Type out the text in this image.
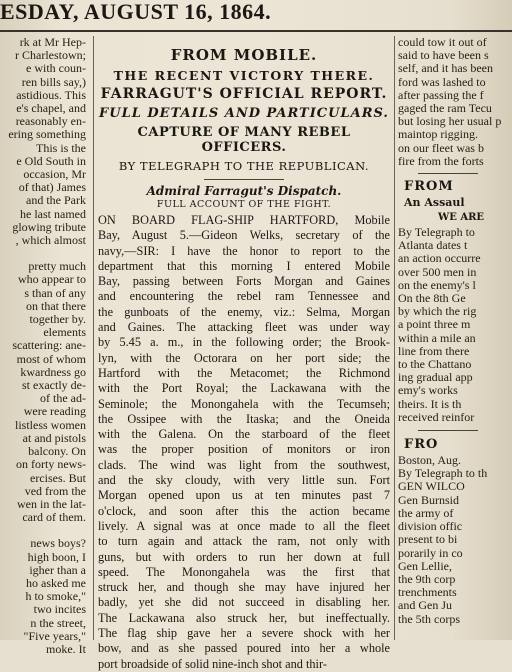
ESDAY, AUGUST 16, 1864.

rk at Mr Hep-

r Charlestown;

e with coun-

ren bills say,)

astidious. This

e's chapel, and

reasonably en-

ering something

This is the

e Old South in

occasion, Mr

of that) James

and the Park

he last named

glowing tribute

, which almost

pretty much

who appear to

s than of any

on that there

together by.

elements

scattering: ane-

most of whom

kwardness go

st exactly de-

of the ad-

were reading

listless women

at and pistols

balcony. On

on forty news-

ercises. But

ved from the

wen in the lat-

card of them.

news boys?

high boon, I

igher than a

ho asked me

h to smoke,"

two incites

n the street,

"Five years,"

moke. It

FROM MOBILE.
THE RECENT VICTORY THERE.
FARRAGUT'S OFFICIAL REPORT.
FULL DETAILS AND PARTICULARS.
CAPTURE OF MANY REBEL OFFICERS.
BY TELEGRAPH TO THE REPUBLICAN.
Admiral Farragut's Dispatch.
FULL ACCOUNT OF THE FIGHT.

ON BOARD FLAG-SHIP HARTFORD, Mobile

Bay, August 5.—Gideon Welks, secretary of the

navy,—SIR: I have the honor to report to the

department that this morning I entered Mobile

Bay, passing between Forts Morgan and Gaines

and encountering the rebel ram Tennessee and

the gunboats of the enemy, viz.: Selma, Morgan

and Gaines. The attacking fleet was under way

by 5.45 a. m., in the following order; the Brook-

lyn, with the Octorara on her port side; the

Hartford with the Metacomet; the Richmond

with the Port Royal; the Lackawana with the

Seminole; the Monongahela with the Tecumseh;

the Ossipee with the Itaska; and the Oneida

with the Galena. On the starboard of the fleet

was the proper position of monitors or iron

clads. The wind was light from the southwest,

and the sky cloudy, with very little sun. Fort

Morgan opened upon us at ten minutes past 7

o'clock, and soon after this the action became

lively. A signal was at once made to all the fleet

to turn again and attack the ram, not only with

guns, but with orders to run her down at full

speed. The Monongahela was the first that

struck her, and though she may have injured her

badly, yet she did not succeed in disabling her.

The Lackawana also struck her, but ineffectually.

The flag ship gave her a severe shock with her

bow, and as she passed poured into her a whole

port broadside of solid nine-inch shot and thir-

could tow it out of

said to have been s

self, and it has been

ford was lashed to

after passing the f

gaged the ram Tecu

but losing her usual p

maintop rigging.

on our fleet was b

fire from the forts

FROM
An Assaul
WE ARE

By Telegraph to

Atlanta dates t

an action occurre

over 500 men in

on the enemy's l

On the 8th Ge

by which the rig

a point three m

within a mile an

line from there

to the Chattano

ing gradual app

emy's works

theirs. It is th

received reinfor

FRO

Boston, Aug.

By Telegraph to th

GEN WILCO

Gen Burnsid

the army of

division offic

present to bi

porarily in co

Gen Lellie,

the 9th corp

trenchments

and Gen Ju

the 5th corps
